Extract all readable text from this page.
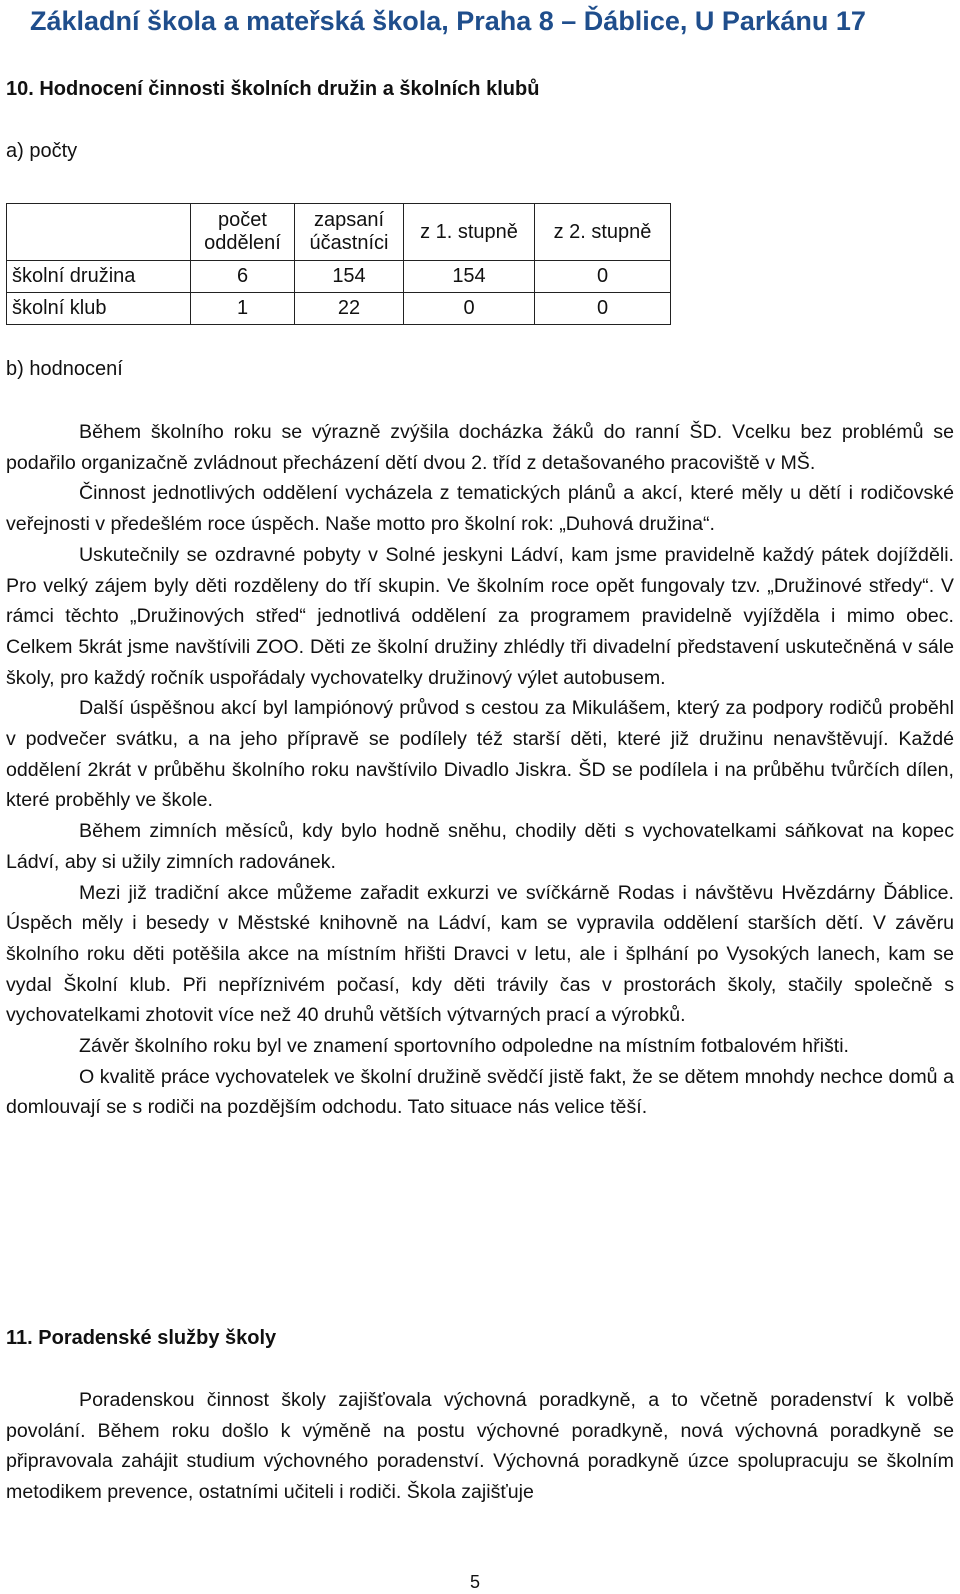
Základní škola a mateřská škola, Praha 8 – Ďáblice, U Parkánu 17
10. Hodnocení činnosti školních družin a školních klubů
a) počty
	počet oddělení	zapsaní účastníci	z 1. stupně	z 2. stupně
školní družina	6	154	154	0
školní klub	1	22	0	0
b) hodnocení

Během školního roku se výrazně zvýšila docházka žáků do ranní ŠD. Vcelku bez problémů se podařilo organizačně zvládnout přecházení dětí dvou 2. tříd z detašovaného pracoviště v MŠ.

Činnost jednotlivých oddělení vycházela z tematických plánů a akcí, které měly u dětí i rodičovské veřejnosti v předešlém roce úspěch. Naše motto pro školní rok: „Duhová družina“.

Uskutečnily se ozdravné pobyty v Solné jeskyni Ládví, kam jsme pravidelně každý pátek dojížděli. Pro velký zájem byly děti rozděleny do tří skupin. Ve školním roce opět fungovaly tzv. „Družinové středy“. V rámci těchto „Družinových střed“ jednotlivá oddělení za programem pravidelně vyjížděla i mimo obec. Celkem 5krát jsme navštívili ZOO. Děti ze školní družiny zhlédly tři divadelní představení uskutečněná v sále školy, pro každý ročník uspořádaly vychovatelky družinový výlet autobusem.

Další úspěšnou akcí byl lampiónový průvod s cestou za Mikulášem, který za podpory rodičů proběhl v podvečer svátku, a na jeho přípravě se podílely též starší děti, které již družinu nenavštěvují. Každé oddělení 2krát v průběhu školního roku navštívilo Divadlo Jiskra. ŠD se podílela i na průběhu tvůrčích dílen, které proběhly ve škole.

Během zimních měsíců, kdy bylo hodně sněhu, chodily děti s vychovatelkami sáňkovat na kopec Ládví, aby si užily zimních radovánek.

Mezi již tradiční akce můžeme zařadit exkurzi ve svíčkárně Rodas i návštěvu Hvězdárny Ďáblice. Úspěch měly i besedy v Městské knihovně na Ládví, kam se vypravila oddělení starších dětí. V závěru školního roku děti potěšila akce na místním hřišti Dravci v letu, ale i šplhání po Vysokých lanech, kam se vydal Školní klub. Při nepříznivém počasí, kdy děti trávily čas v prostorách školy, stačily společně s vychovatelkami zhotovit více než 40 druhů větších výtvarných prací a výrobků.

Závěr školního roku byl ve znamení sportovního odpoledne na místním fotbalovém hřišti.

O kvalitě práce vychovatelek ve školní družině svědčí jistě fakt, že se dětem mnohdy nechce domů a domlouvají se s rodiči na pozdějším odchodu. Tato situace nás velice těší.

11. Poradenské služby školy

Poradenskou činnost školy zajišťovala výchovná poradkyně, a to včetně poradenství k volbě povolání. Během roku došlo k výměně na postu výchovné poradkyně, nová výchovná poradkyně se připravovala zahájit studium výchovného poradenství. Výchovná poradkyně úzce spolupracuju se školním metodikem prevence, ostatními učiteli i rodiči. Škola zajišťuje

5
